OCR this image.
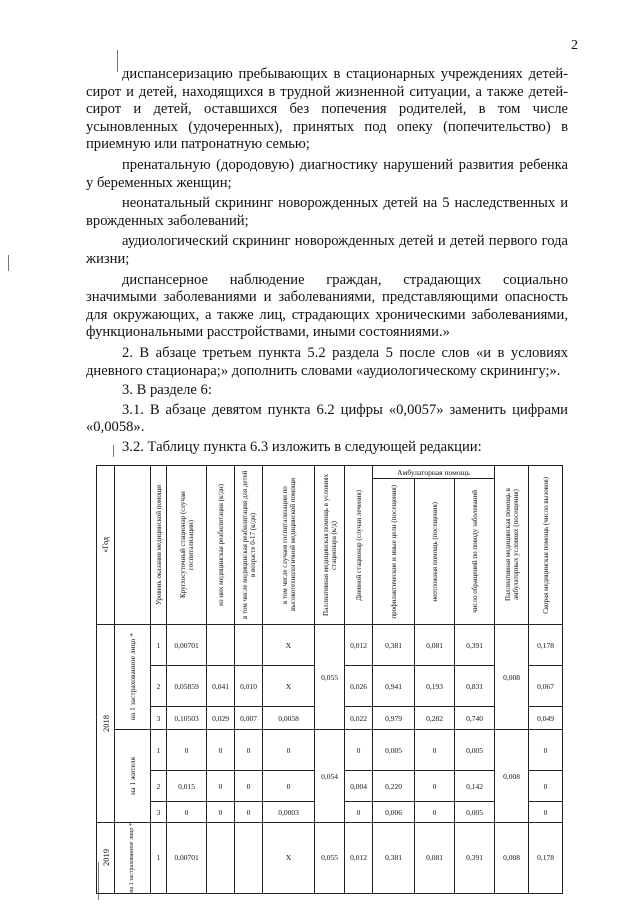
2

диспансеризацию пребывающих в стационарных учреждениях детей-сирот и детей, находящихся в трудной жизненной ситуации, а также детей-сирот и детей, оставшихся без попечения родителей, в том числе усыновленных (удочеренных), принятых под опеку (попечительство) в приемную или патронатную семью;

пренатальную (дородовую) диагностику нарушений развития ребенка у беременных женщин;

неонатальный скрининг новорожденных детей на 5 наследственных и врожденных заболеваний;

аудиологический скрининг новорожденных детей и детей первого года жизни;

диспансерное наблюдение граждан, страдающих социально значимыми заболеваниями и заболеваниями, представляющими опасность для окружающих, а также лиц, страдающих хроническими заболеваниями, функциональными расстройствами, иными состояниями.»

2. В абзаце третьем пункта 5.2 раздела 5 после слов «и в условиях дневного стационара;» дополнить словами «аудиологическому скринингу;».

3. В разделе 6:

3.1. В абзаце девятом пункта 6.2 цифры «0,0057» заменить цифрами «0,0058».

3.2. Таблицу пункта 6.3 изложить в следующей редакции:

«Год		Уровень оказания медицинской помощи	Круглосуточный стационар (случаи госпитализации)	из них медицинская реабилитация (к/дн)	в том числе медицинская реабилитация для детей в возрасте 0-17 (к/дн)	в том числе случаев госпитализации по высокотехнологичной медицинской помощи	Паллиативная медицинская помощь в условиях стационара (к/д)	Дневной стационар (случаи лечения)	Амбулаторная помощь			Паллиативная медицинская помощь в амбулаторных условиях (посещения)	Скорая медицинская помощь (число вызовов)

									профилактические и иные цели (посещения)	неотложная помощь (посещения)	число обращений по поводу заболеваний		

2018	на 1 застрахованное лицо *	1	0,00701			Х	0,055	0,012	0,381	0,081	0,391	0,008	0,178
		2	0,05859	0,041	0,010	Х		0,026	0,941	0,193	0,831		0,067
		3	0,10503	0,029	0,007	0,0058		0,022	0,979	0,282	0,740		0,049

	на 1 жителя	1	0	0	0	0	0,054	0	0,005	0	0,005	0,008	0
		2	0,015	0	0	0		0,004	0,220	0	0,142		0
		3	0	0	0	0,0003		0	0,006	0	0,005		0

2019	на 1 застрахованное лицо *	1	0,00701			Х	0,055	0,012	0,381	0,081	0,391	0,008	0,178
